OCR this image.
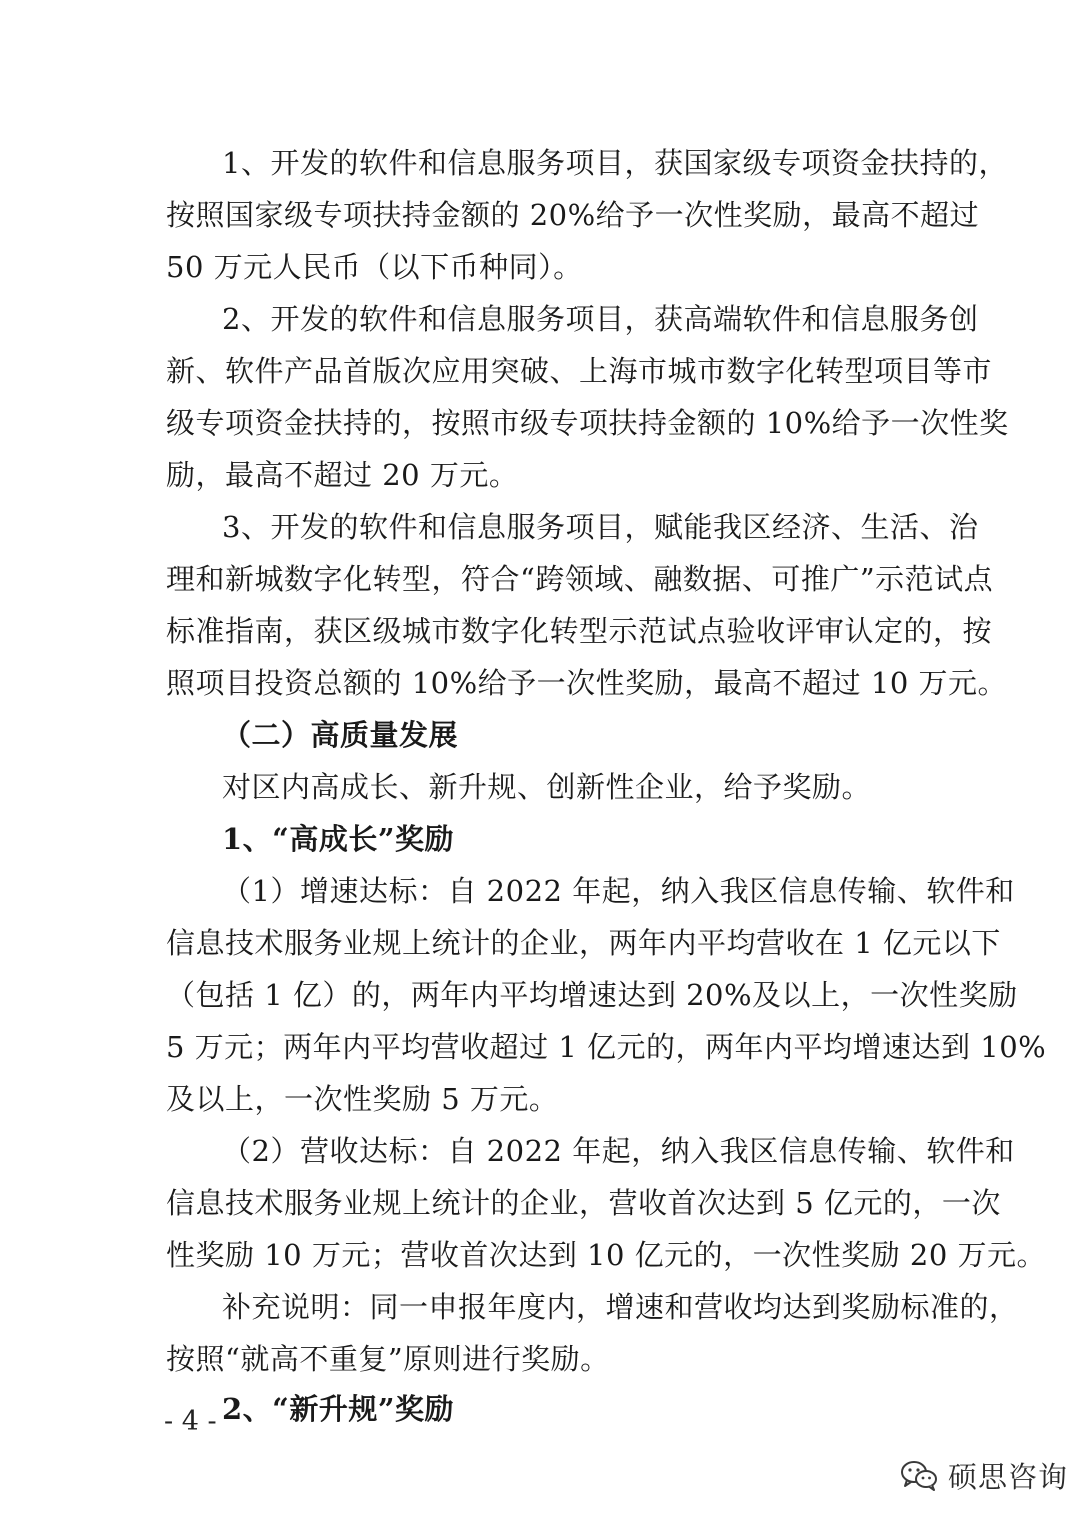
1、开发的软件和信息服务项目，获国家级专项资金扶持的，
按照国家级专项扶持金额的 20%给予一次性奖励，最高不超过
50 万元人民币（以下币种同）。
2、开发的软件和信息服务项目，获高端软件和信息服务创
新、软件产品首版次应用突破、上海市城市数字化转型项目等市
级专项资金扶持的，按照市级专项扶持金额的 10%给予一次性奖
励，最高不超过 20 万元。
3、开发的软件和信息服务项目，赋能我区经济、生活、治
理和新城数字化转型，符合“跨领域、融数据、可推广”示范试点
标准指南，获区级城市数字化转型示范试点验收评审认定的，按
照项目投资总额的 10%给予一次性奖励，最高不超过 10 万元。
（二）高质量发展
对区内高成长、新升规、创新性企业，给予奖励。
1、“高成长”奖励
（1）增速达标：自 2022 年起，纳入我区信息传输、软件和
信息技术服务业规上统计的企业，两年内平均营收在 1 亿元以下
（包括 1 亿）的，两年内平均增速达到 20%及以上，一次性奖励
5 万元；两年内平均营收超过 1 亿元的，两年内平均增速达到 10%
及以上，一次性奖励 5 万元。
（2）营收达标：自 2022 年起，纳入我区信息传输、软件和
信息技术服务业规上统计的企业，营收首次达到 5 亿元的，一次
性奖励 10 万元；营收首次达到 10 亿元的，一次性奖励 20 万元。
补充说明：同一申报年度内，增速和营收均达到奖励标准的，
按照“就高不重复”原则进行奖励。
2、“新升规”奖励
- 4 -
硕思咨询
